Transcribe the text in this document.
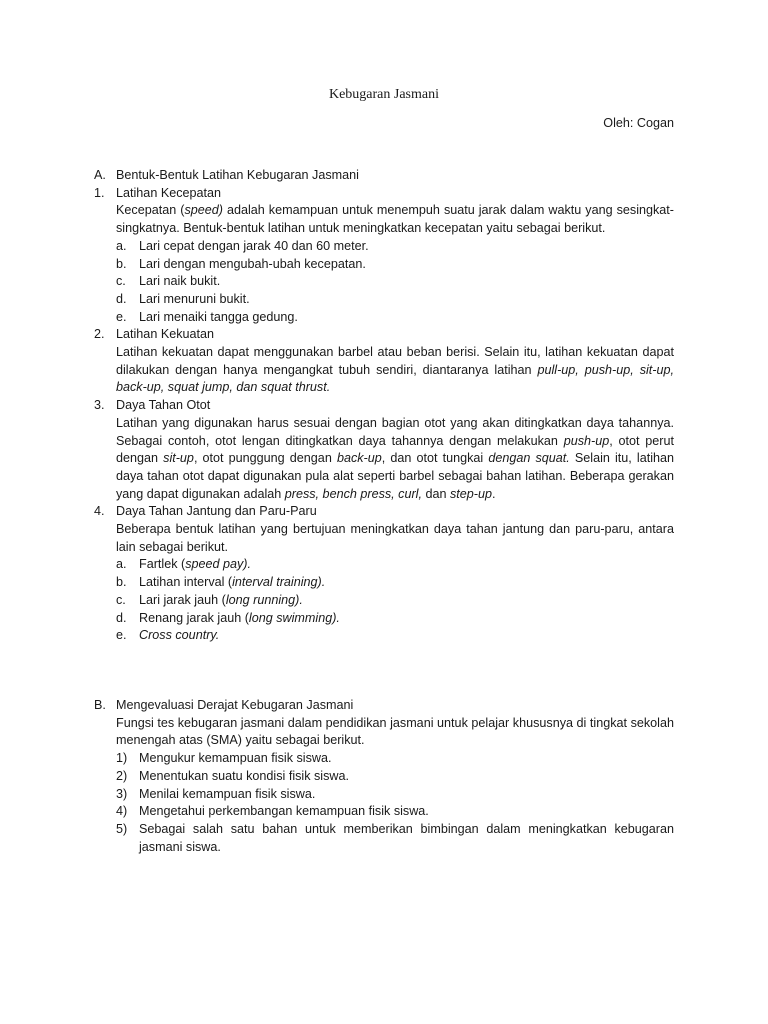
Kebugaran Jasmani
Oleh: Cogan
A. Bentuk-Bentuk Latihan Kebugaran Jasmani
1. Latihan Kecepatan
Kecepatan (speed) adalah kemampuan untuk menempuh suatu jarak dalam waktu yang sesingkat-singkatnya. Bentuk-bentuk latihan untuk meningkatkan kecepatan yaitu sebagai berikut.
a. Lari cepat dengan jarak 40 dan 60 meter.
b. Lari dengan mengubah-ubah kecepatan.
c. Lari naik bukit.
d. Lari menuruni bukit.
e. Lari menaiki tangga gedung.
2. Latihan Kekuatan
Latihan kekuatan dapat menggunakan barbel atau beban berisi. Selain itu, latihan kekuatan dapat dilakukan dengan hanya mengangkat tubuh sendiri, diantaranya latihan pull-up, push-up, sit-up, back-up, squat jump, dan squat thrust.
3. Daya Tahan Otot
Latihan yang digunakan harus sesuai dengan bagian otot yang akan ditingkatkan daya tahannya. Sebagai contoh, otot lengan ditingkatkan daya tahannya dengan melakukan push-up, otot perut dengan sit-up, otot punggung dengan back-up, dan otot tungkai dengan squat. Selain itu, latihan daya tahan otot dapat digunakan pula alat seperti barbel sebagai bahan latihan. Beberapa gerakan yang dapat digunakan adalah press, bench press, curl, dan step-up.
4. Daya Tahan Jantung dan Paru-Paru
Beberapa bentuk latihan yang bertujuan meningkatkan daya tahan jantung dan paru-paru, antara lain sebagai berikut.
a. Fartlek (speed pay).
b. Latihan interval (interval training).
c. Lari jarak jauh (long running).
d. Renang jarak jauh (long swimming).
e. Cross country.
B. Mengevaluasi Derajat Kebugaran Jasmani
Fungsi tes kebugaran jasmani dalam pendidikan jasmani untuk pelajar khususnya di tingkat sekolah menengah atas (SMA) yaitu sebagai berikut.
1) Mengukur kemampuan fisik siswa.
2) Menentukan suatu kondisi fisik siswa.
3) Menilai kemampuan fisik siswa.
4) Mengetahui perkembangan kemampuan fisik siswa.
5) Sebagai salah satu bahan untuk memberikan bimbingan dalam meningkatkan kebugaran jasmani siswa.
